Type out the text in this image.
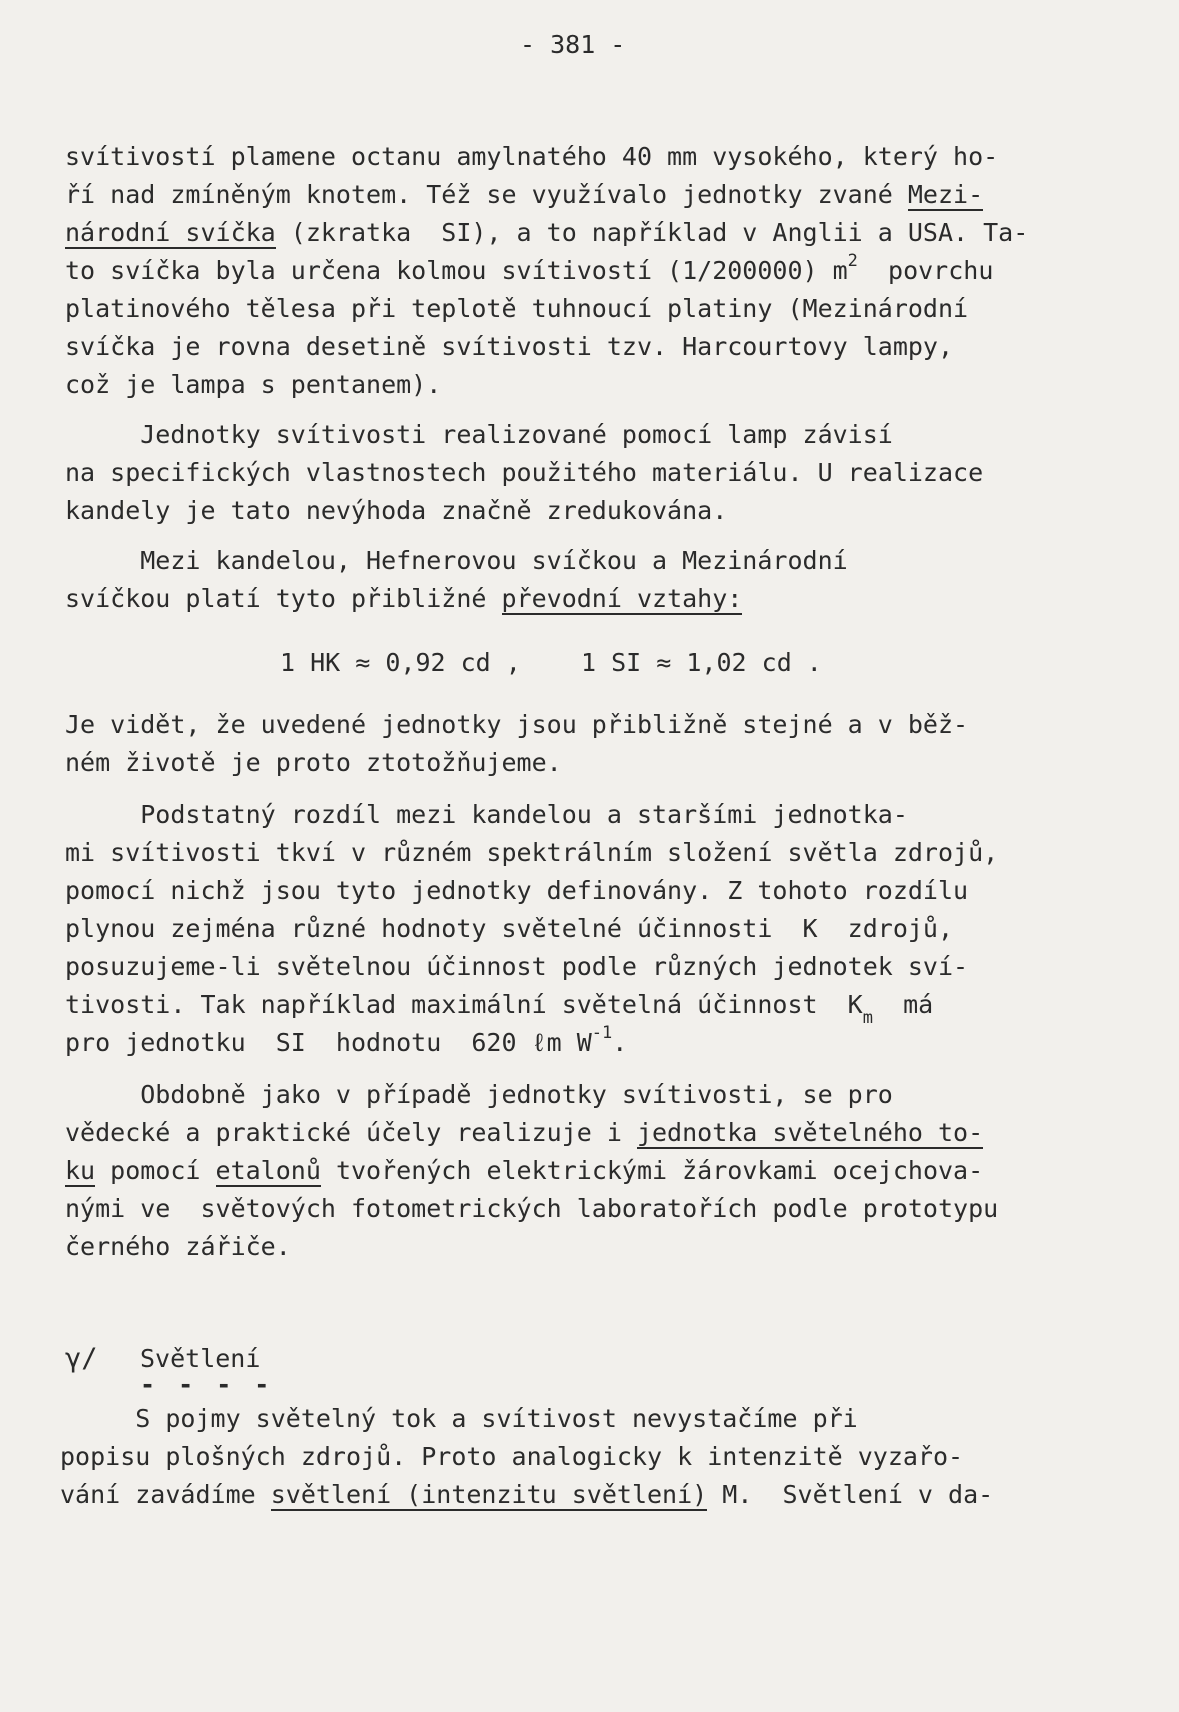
- 381 -
svítivostí plamene octanu amylnatého 40 mm vysokého, který ho-
ří nad zmíněným knotem. Též se využívalo jednotky zvané Mezi-
národní svíčka (zkratka  SI), a to například v Anglii a USA. Ta-
to svíčka byla určena kolmou svítivostí (1/200000) $m^2$  povrchu
platinového tělesa při teplotě tuhnoucí platiny (Mezinárodní
svíčka je rovna desetině svítivosti tzv. Harcourtovy lampy,
což je lampa s pentanem).
Jednotky svítivosti realizované pomocí lamp závisí
na specifických vlastnostech použitého materiálu. U realizace
kandely je tato nevýhoda značně zredukována.
Mezi kandelou, Hefnerovou svíčkou a Mezinárodní
svíčkou platí tyto přibližné převodní vztahy:
1 HK ≈ 0,92 cd ,    1 SI ≈ 1,02 cd .
Je vidět, že uvedené jednotky jsou přibližně stejné a v běž-
ném životě je proto ztotožňujeme.
Podstatný rozdíl mezi kandelou a staršími jednotka-
mi svítivosti tkví v různém spektrálním složení světla zdrojů,
pomocí nichž jsou tyto jednotky definovány. Z tohoto rozdílu
plynou zejména různé hodnoty světelné účinnosti  K  zdrojů,
posuzujeme-li světelnou účinnost podle různých jednotek sví-
tivosti. Tak například maximální světelná účinnost  $K_m$  má
pro jednotku  SI  hodnotu  620 ℓm $W^{-1}$.
Obdobně jako v případě jednotky svítivosti, se pro
vědecké a praktické účely realizuje i jednotka světelného to-
ku pomocí etalonů tvořených elektrickými žárovkami ocejchova-
nými ve  světových fotometrických laboratořích podle prototypu
černého zářiče.
γ/ Světlení
- - - -
S pojmy světelný tok a svítivost nevystačíme při
popisu plošných zdrojů. Proto analogicky k intenzitě vyzařo-
vání zavádíme světlení (intenzitu světlení) M.  Světlení v da-
